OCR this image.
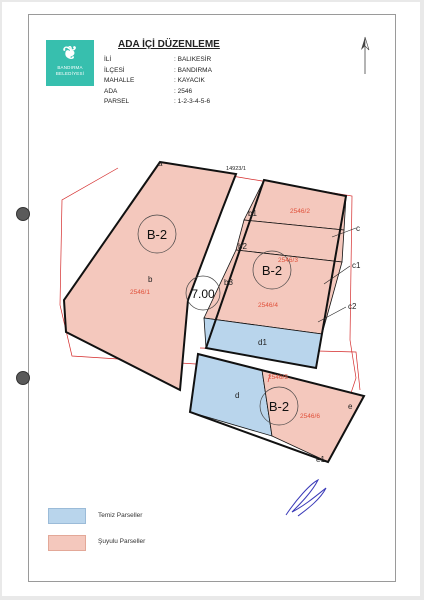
❦
BANDIRMA
BELEDİYESİ
ADA İÇİ DÜZENLEME
İLİ	: BALIKESİR
İLÇESİ	: BANDIRMA
MAHALLE	: KAYACIK
ADA	: 2546
PARSEL	: 1-2-3-4-5-6
B-2
B-2
B-2
7.00
14923/1
2546/1
2546/2
2546/3
2546/4
2546/5
2546/6
a
b
b1
b2
b3
c
c1
c2
d
d1
e
e1
Temiz Parseller
Şuyulu Parseller
